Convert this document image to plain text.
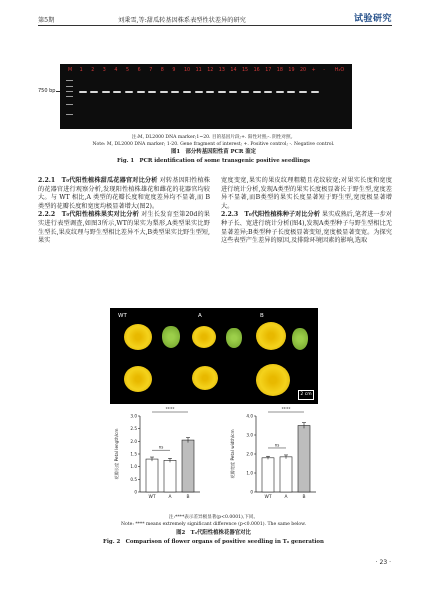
第5期	刘秉雪,等:甜瓜转基因株系表型性状差异的研究	试验研究
750 bp
M 1 2 3 4 5 6 7 8 9 10 11 12 13 14 15 16 17 18 19 20 + - H₂O
注:M, DL2000 DNA marker;1~20. 目的基因片段;+. 阳性对照;-. 阴性对照。
Note: M, DL2000 DNA marker; 1-20. Gene fragment of interest; +. Positive control; -. Negative control.
图1　部分转基因阳性苗 PCR 鉴定
Fig. 1　PCR identification of some transgenic positive seedlings

2.2.1　T₀代阳性植株甜瓜花器官对比分析 对转基因阳性植株的花器官进行观察分析,发现阳性植株雄花和雌花的花器官均较大。与 WT 相比,A 类型的花瓣长度和宽度差异均不显著,而 B 类型的花瓣长度和宽度均极显著增大(图2)。

2.2.2　T₀代阳性植株果实对比分析 对生长发育至第20d的果实进行表型调查,如图3所示,WT的果实为梨形,A类型果实比野生型长,果皮纹理与野生型相比差异不大,B类型果实比野生型短,果实

宽度变宽,果实的果皮纹理粗糙且花纹较宽;对果实长度和宽度进行统计分析,发现A类型的果实长度极显著长于野生型,宽度差异不显著,而B类型的果实长度显著短于野生型,宽度极显著增大。

2.2.3　T₀代阳性植株种子对比分析 果实成熟后,笔者进一步对种子长、宽进行统计分析(图4),发现A类型种子与野生型相比无显著差异;B类型种子长度极显著变短,宽度极显著变宽。为探究这些表型产生差异的原因,及排除环境因素的影响,选取

WT	A	B
2 cm
0
0.5
1.0
1.5
2.0
2.5
3.0
花瓣长度 Petal length/cm
WT	A	B
ns
****
0
1.0
2.0
3.0
4.0
花瓣宽度 Petal width/cm
WT	A	B
ns
****
注:****表示差异极显著(p<0.0001),下同。
Note: **** means extremely significant difference (p<0.0001). The same below.
图2　T₀代阳性植株花器官对比
Fig. 2　Comparison of flower organs of positive seedling in T₀ generation
· 23 ·
